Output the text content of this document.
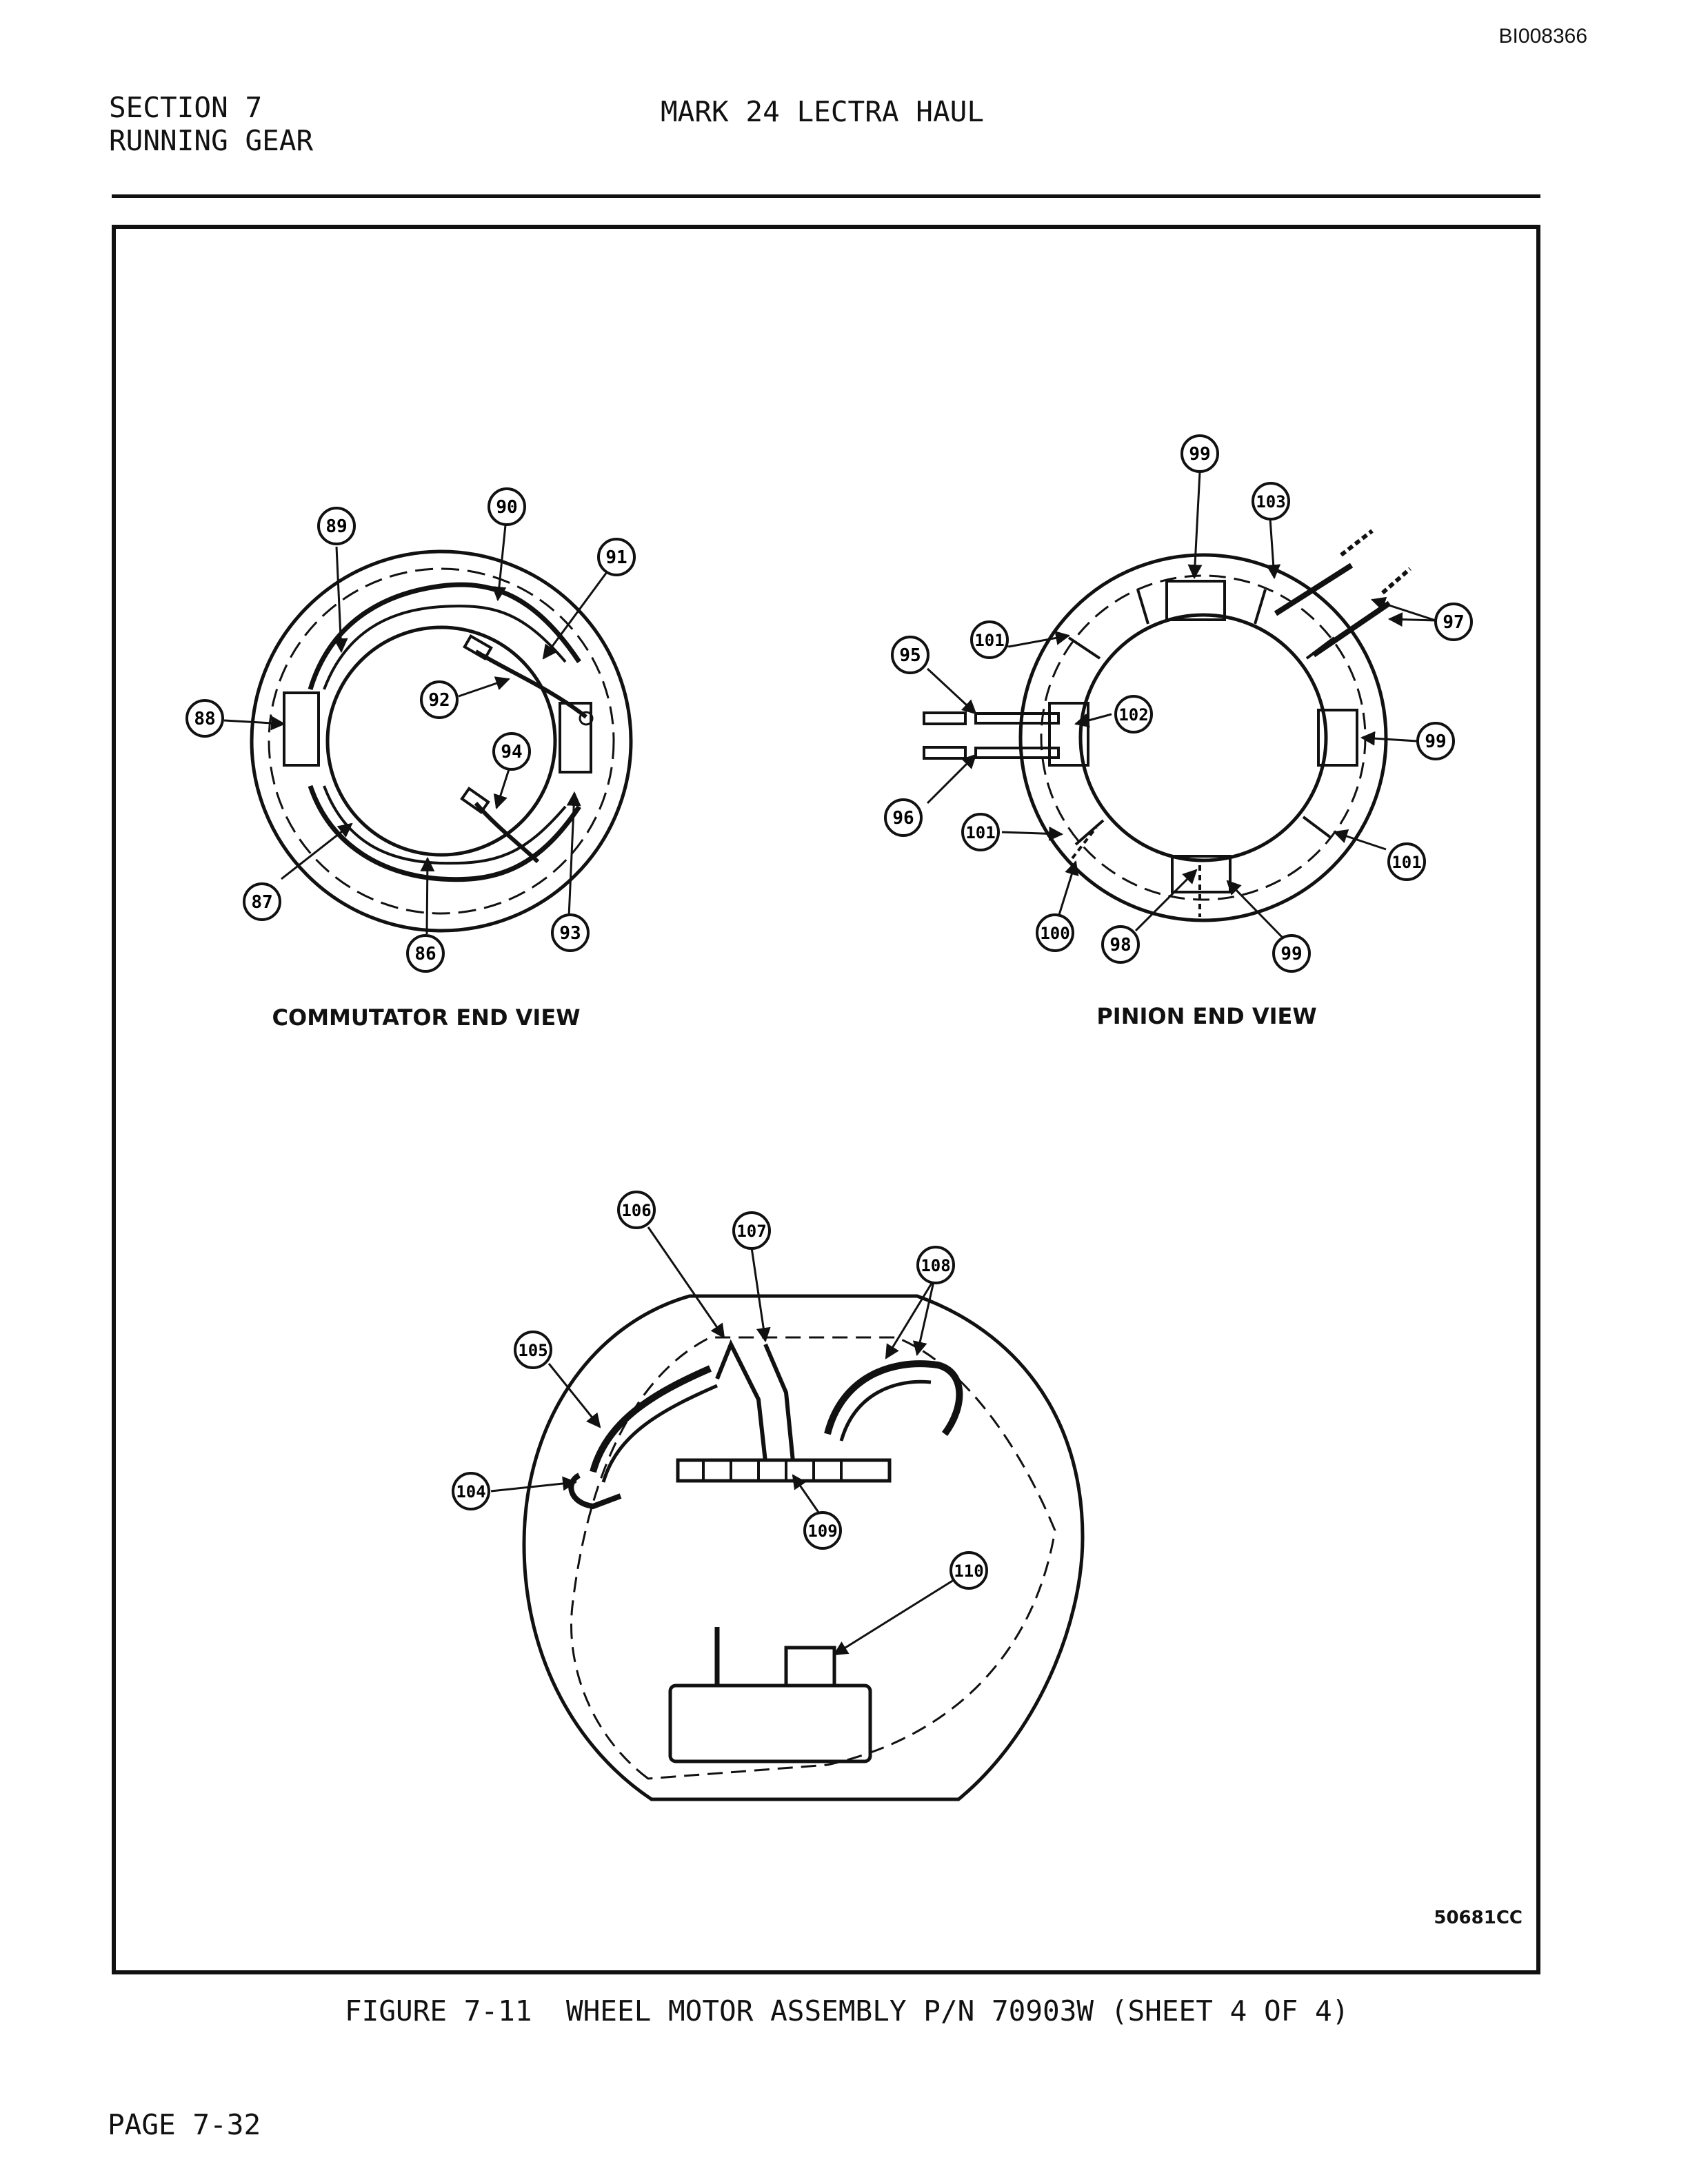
BI008366
SECTION 7
RUNNING GEAR
MARK 24 LECTRA HAUL
89
90
91
92
88
94
87
93
86
COMMUTATOR END VIEW
99
103
97
101
95
102
99
96
101
101
100
98	99
PINION END VIEW
106
107
108
105
104
109
110
50681CC
FIGURE 7-11  WHEEL MOTOR ASSEMBLY P/N 70903W (SHEET 4 OF 4)
PAGE 7-32
